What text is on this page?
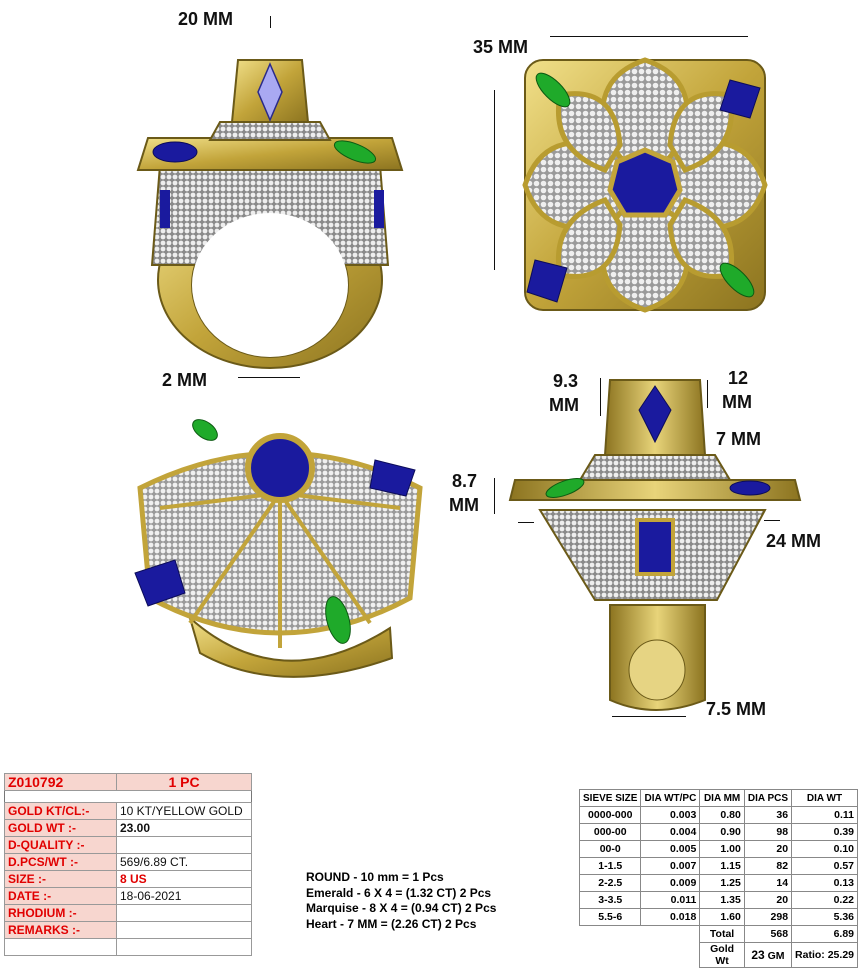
20 MM
35 MM
2 MM	9.3
MM
12
MM
7 MM
8.7
MM
24 MM
7.5 MM
Z010792	1 PC

GOLD KT/CL:-	10 KT/YELLOW GOLD
GOLD WT :-	23.00
D-QUALITY :-	
D.PCS/WT :-	569/6.89 CT.
SIZE :-	8 US
DATE :-	18-06-2021
RHODIUM :-	
REMARKS :-	

ROUND - 10 mm = 1 Pcs
Emerald - 6 X 4 = (1.32 CT) 2 Pcs
Marquise - 8 X 4 = (0.94 CT) 2 Pcs
Heart - 7 MM = (2.26 CT) 2 Pcs
SIEVE SIZE	DIA WT/PC	DIA MM	DIA PCS	DIA WT
0000-000	0.003	0.80	36	0.11
000-00	0.004	0.90	98	0.39
00-0	0.005	1.00	20	0.10
1-1.5	0.007	1.15	82	0.57
2-2.5	0.009	1.25	14	0.13
3-3.5	0.011	1.35	20	0.22
5.5-6	0.018	1.60	298	5.36
		Total	568	6.89
		Gold Wt	23 GM	Ratio: 25.29
